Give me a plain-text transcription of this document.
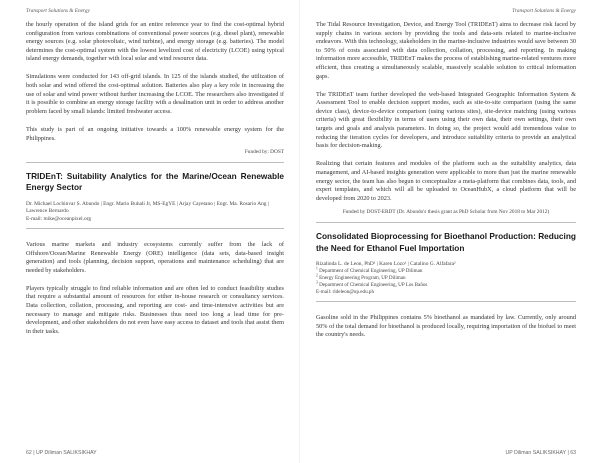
Transport Solutions & Energy

the hourly operation of the island grids for an entire reference year to find the cost-optimal hybrid configuration from various combinations of conventional power sources (e.g. diesel plant), renewable energy sources (e.g. solar photovoltaic, wind turbine), and energy storage (e.g. batteries). The model determines the cost-optimal system with the lowest levelized cost of electricity (LCOE) using typical island energy demands, together with local solar and wind resource data.

Simulations were conducted for 143 off-grid islands. In 125 of the islands studied, the utilization of both solar and wind offered the cost-optimal solution. Batteries also play a key role in increasing the use of solar and wind power without further increasing the LCOE. The researchers also investigated if it is possible to combine an energy storage facility with a desalination unit in order to address another problem faced by small islands: limited freshwater access.

This study is part of an ongoing initiative towards a 100% renewable energy system for the Philippines.

Funded by: DOST
TRIDEnT: Suitability Analytics for the Marine/Ocean Renewable Energy Sector
Dr. Michael Lochinvar S. Abundo | Engr. Mario Buhali Jr, MS-EgYE | Arjay Cayetano | Engr. Ma. Rosario Ang | Lawrence Bernardo
E-mail: mike@oceanpixel.org

Various marine markets and industry ecosystems currently suffer from the lack of Offshore/Ocean/Marine Renewable Energy (ORE) intelligence (data sets, data-based insight generation) and tools (planning, decision support, operations and maintenance scheduling) that are needed by stakeholders.

Players typically struggle to find reliable information and are often led to conduct feasibility studies that require a substantial amount of resources for either in-house research or consultancy services. Data collection, collation, processing, and reporting are cost- and time-intensive activities but are necessary to manage and mitigate risks. Businesses thus need too long a lead time for pre-development, and other stakeholders do not even have easy access to dataset and tools that assist them in their tasks.

62 | UP Diliman SALIKSIKHAY
Transport Solutions & Energy

The Tidal Resource Investigation, Device, and Energy Tool (TRIDEnT) aims to decrease risk faced by supply chains in various sectors by providing the tools and data-sets related to marine-inclusive endeavors. With this technology, stakeholders in the marine-inclusive industries would save between 30 to 50% of costs associated with data collection, collation, processing, and reporting. In making information more accessible, TRIDEnT makes the process of establishing marine-related ventures more efficient, thus creating a simultaneously scalable, massively scalable solution to critical information gaps.

The TRIDEnT team further developed the web-based Integrated Geographic Information System & Assessment Tool to enable decision support modes, such as site-to-site comparison (using the same device class), device-to-device comparison (using various sites), site-device matching (using various criteria) with great flexibility in terms of users using their own data, their own settings, their own targets and goals and analysis parameters. In doing so, the project would add tremendous value to reducing the iteration cycles for developers, and introduce suitability criteria to provide an analytical basis for decision-making.

Realizing that certain features and modules of the platform such as the suitability analytics, data management, and AI-based insights generation were applicable to more than just the marine renewable energy sector, the team has also begun to conceptualize a meta-platform that combines data, tools, and expert templates, and which will all be uploaded to OceanHubX, a cloud platform that will be developed from 2020 to 2023.

Funded by DOST-ERDT (Dr. Abundo's thesis grant as PhD Scholar from Nov 2018 to Mar 2012)
Consolidated Bioprocessing for Bioethanol Production: Reducing the Need for Ethanol Fuel Importation
Rizalinda L. de Leon, PhD¹ | Karen Lozo¹ | Catalino G. Alfafara²
$^1$ Department of Chemical Engineering, UP Diliman
$^2$ Energy Engineering Program, UP Diliman
$^3$ Department of Chemical Engineering, UP Los Baños
E-mail: rldeleon@up.edu.ph

Gasoline sold in the Philippines contains 5% bioethanol as mandated by law. Currently, only around 50% of the total demand for bioethanol is produced locally, requiring importation of the biofuel to meet the country's needs.

UP Diliman SALIKSIKHAY | 63
